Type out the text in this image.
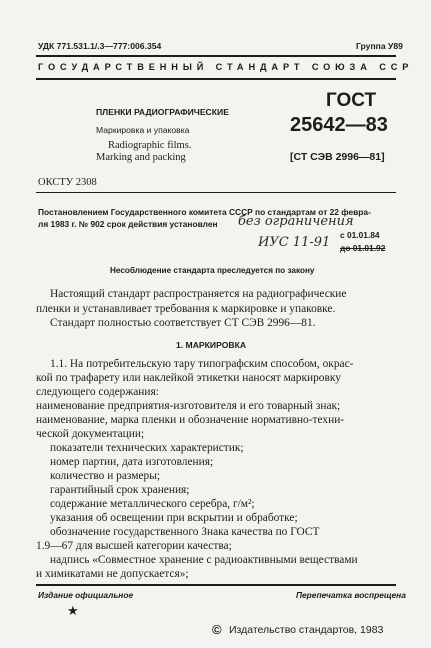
УДК 771.531.1/.3—777:006.354	Группа У89
ГОСУДАРСТВЕННЫЙ СТАНДАРТ СОЮЗА ССР
ПЛЕНКИ РАДИОГРАФИЧЕСКИЕ
Маркировка и упаковка
Radiographic films.
Marking and packing
ГОСТ
25642—83
[СТ СЭВ 2996—81]
ОКСТУ 2308
Постановлением Государственного комитета СССР по стандартам от 22 февра-
ля 1983 г. № 902 срок действия установлен без ограничения
ИУС 11-91 с 01.01.84
до 01.01.92
Несоблюдение стандарта преследуется по закону
Настоящий стандарт распространяется на радиографические
пленки и устанавливает требования к маркировке и упаковке.
Стандарт полностью соответствует СТ СЭВ 2996—81.
1. МАРКИРОВКА
1.1. На потребительскую тару типографским способом, окрас-
кой по трафарету или наклейкой этикетки наносят маркировку
следующего содержания:
наименование предприятия-изготовителя и его товарный знак;
наименование, марка пленки и обозначение нормативно-техни-
ческой документации;
показатели технических характеристик;
номер партии, дата изготовления;
количество и размеры;
гарантийный срок хранения;
содержание металлического серебра, г/м²;
указания об освещении при вскрытии и обработке;
обозначение государственного Знака качества по ГОСТ
1.9—67 для высшей категории качества;
надпись «Совместное хранение с радиоактивными веществами
и химикатами не допускается»;
Издание официальное	Перепечатка воспрещена
★
© Издательство стандартов, 1983
